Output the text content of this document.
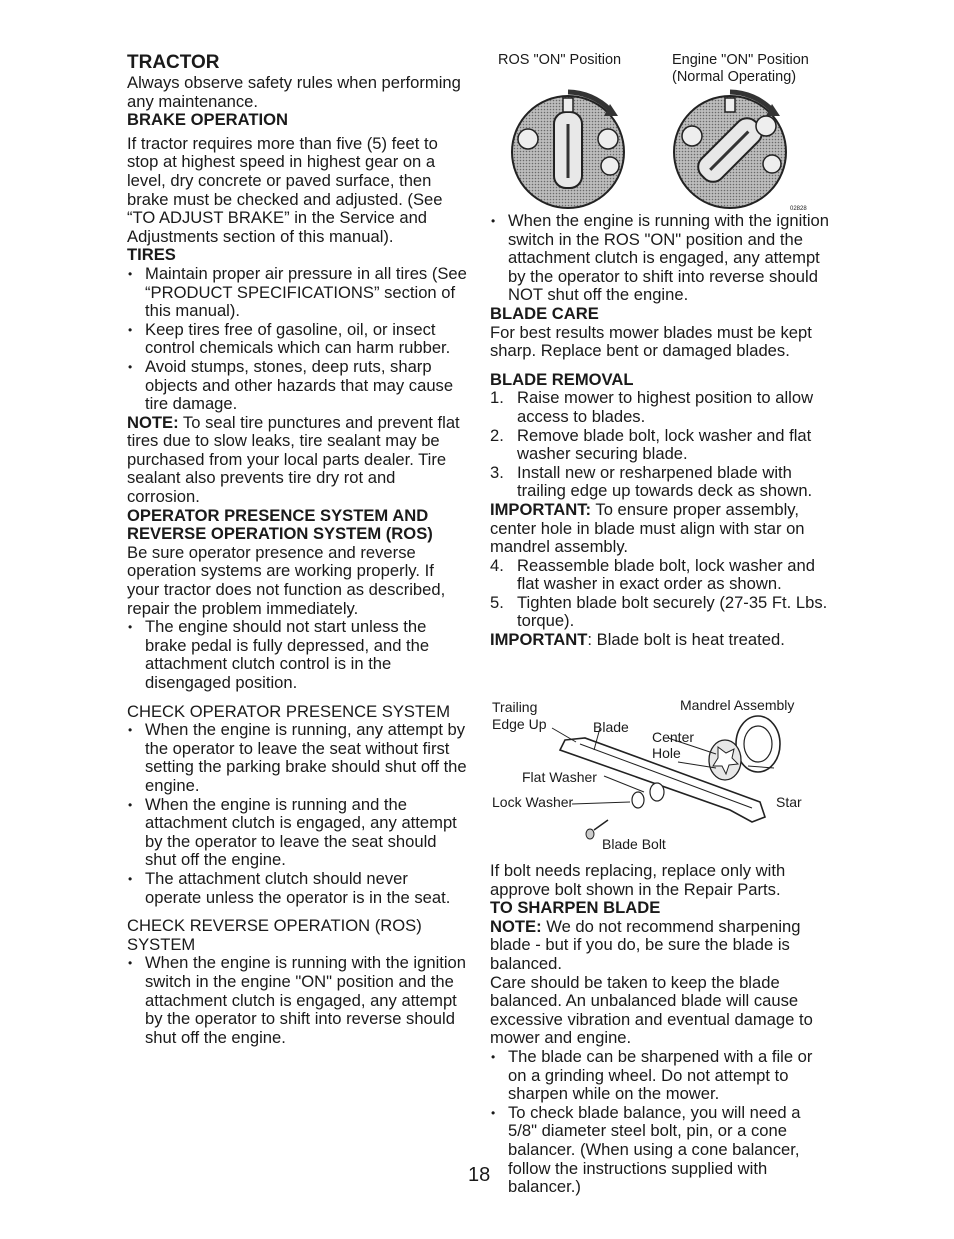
TRACTOR

Always observe safety rules when performing any maintenance.

BRAKE OPERATION

If tractor requires more than five (5) feet to stop at highest speed in highest gear on a level, dry concrete or paved surface, then brake must be checked and adjusted. (See “TO ADJUST BRAKE” in the Service and Adjustments section of this manual).

TIRES

• Maintain proper air pressure in all tires (See “PRODUCT SPECIFICATIONS” section of this manual).
• Keep tires free of gasoline, oil, or insect control chemicals which can harm rubber.
• Avoid stumps, stones, deep ruts, sharp objects and other hazards that may cause tire damage.

NOTE: To seal tire punctures and prevent flat tires due to slow leaks, tire sealant may be purchased from your local parts dealer. Tire sealant also prevents tire dry rot and corrosion.

OPERATOR PRESENCE SYSTEM AND REVERSE OPERATION SYSTEM (ROS)

Be sure operator presence and reverse operation systems are working properly. If your tractor does not function as described, repair the problem immediately.

• The engine should not start unless the brake pedal is fully depressed, and the attachment clutch control is in the disengaged position.

CHECK OPERATOR PRESENCE SYSTEM

• When the engine is running, any attempt by the operator to leave the seat without first setting the parking brake should shut off the engine.
• When the engine is running and the attachment clutch is engaged, any attempt by the operator to leave the seat should shut off the engine.
• The attachment clutch should never operate unless the operator is in the seat.

CHECK REVERSE OPERATION (ROS) SYSTEM

• When the engine is running with the ignition switch in the engine "ON" position and the attachment clutch is engaged, any attempt by the operator to shift into reverse should shut off the engine.
ROS "ON" Position	Engine "ON" Position
(Normal Operating)
02828
• When the engine is running with the ignition switch in the ROS "ON" position and the attachment clutch is engaged, any attempt by the operator to shift into reverse should NOT shut off the engine.

BLADE CARE

For best results mower blades must be kept sharp. Replace bent or damaged blades.

BLADE REMOVAL

1. Raise mower to highest position to allow access to blades.
2. Remove blade bolt, lock washer and flat washer securing blade.
3. Install new or resharpened blade with trailing edge up towards deck as shown.

IMPORTANT: To ensure proper assembly, center hole in blade must align with star on mandrel assembly.

4. Reassemble blade bolt, lock washer and flat washer in exact order as shown.
5. Tighten blade bolt securely (27-35 Ft. Lbs. torque).

IMPORTANT: Blade bolt is heat treated.

Trailing
Edge Up	Blade
Mandrel Assembly
Center
Hole
Flat Washer
Lock Washer	Star
Blade Bolt

If bolt needs replacing, replace only with approve bolt shown in the Repair Parts.

TO SHARPEN BLADE

NOTE: We do not recommend sharpening blade - but if you do, be sure the blade is balanced.

Care should be taken to keep the blade balanced. An unbalanced blade will cause excessive vibration and eventual damage to mower and engine.

• The blade can be sharpened with a file or on a grinding wheel. Do not attempt to sharpen while on the mower.
• To check blade balance, you will need a 5/8" diameter steel bolt, pin, or a cone balancer. (When using a cone balancer, follow the instructions supplied with balancer.)
18
